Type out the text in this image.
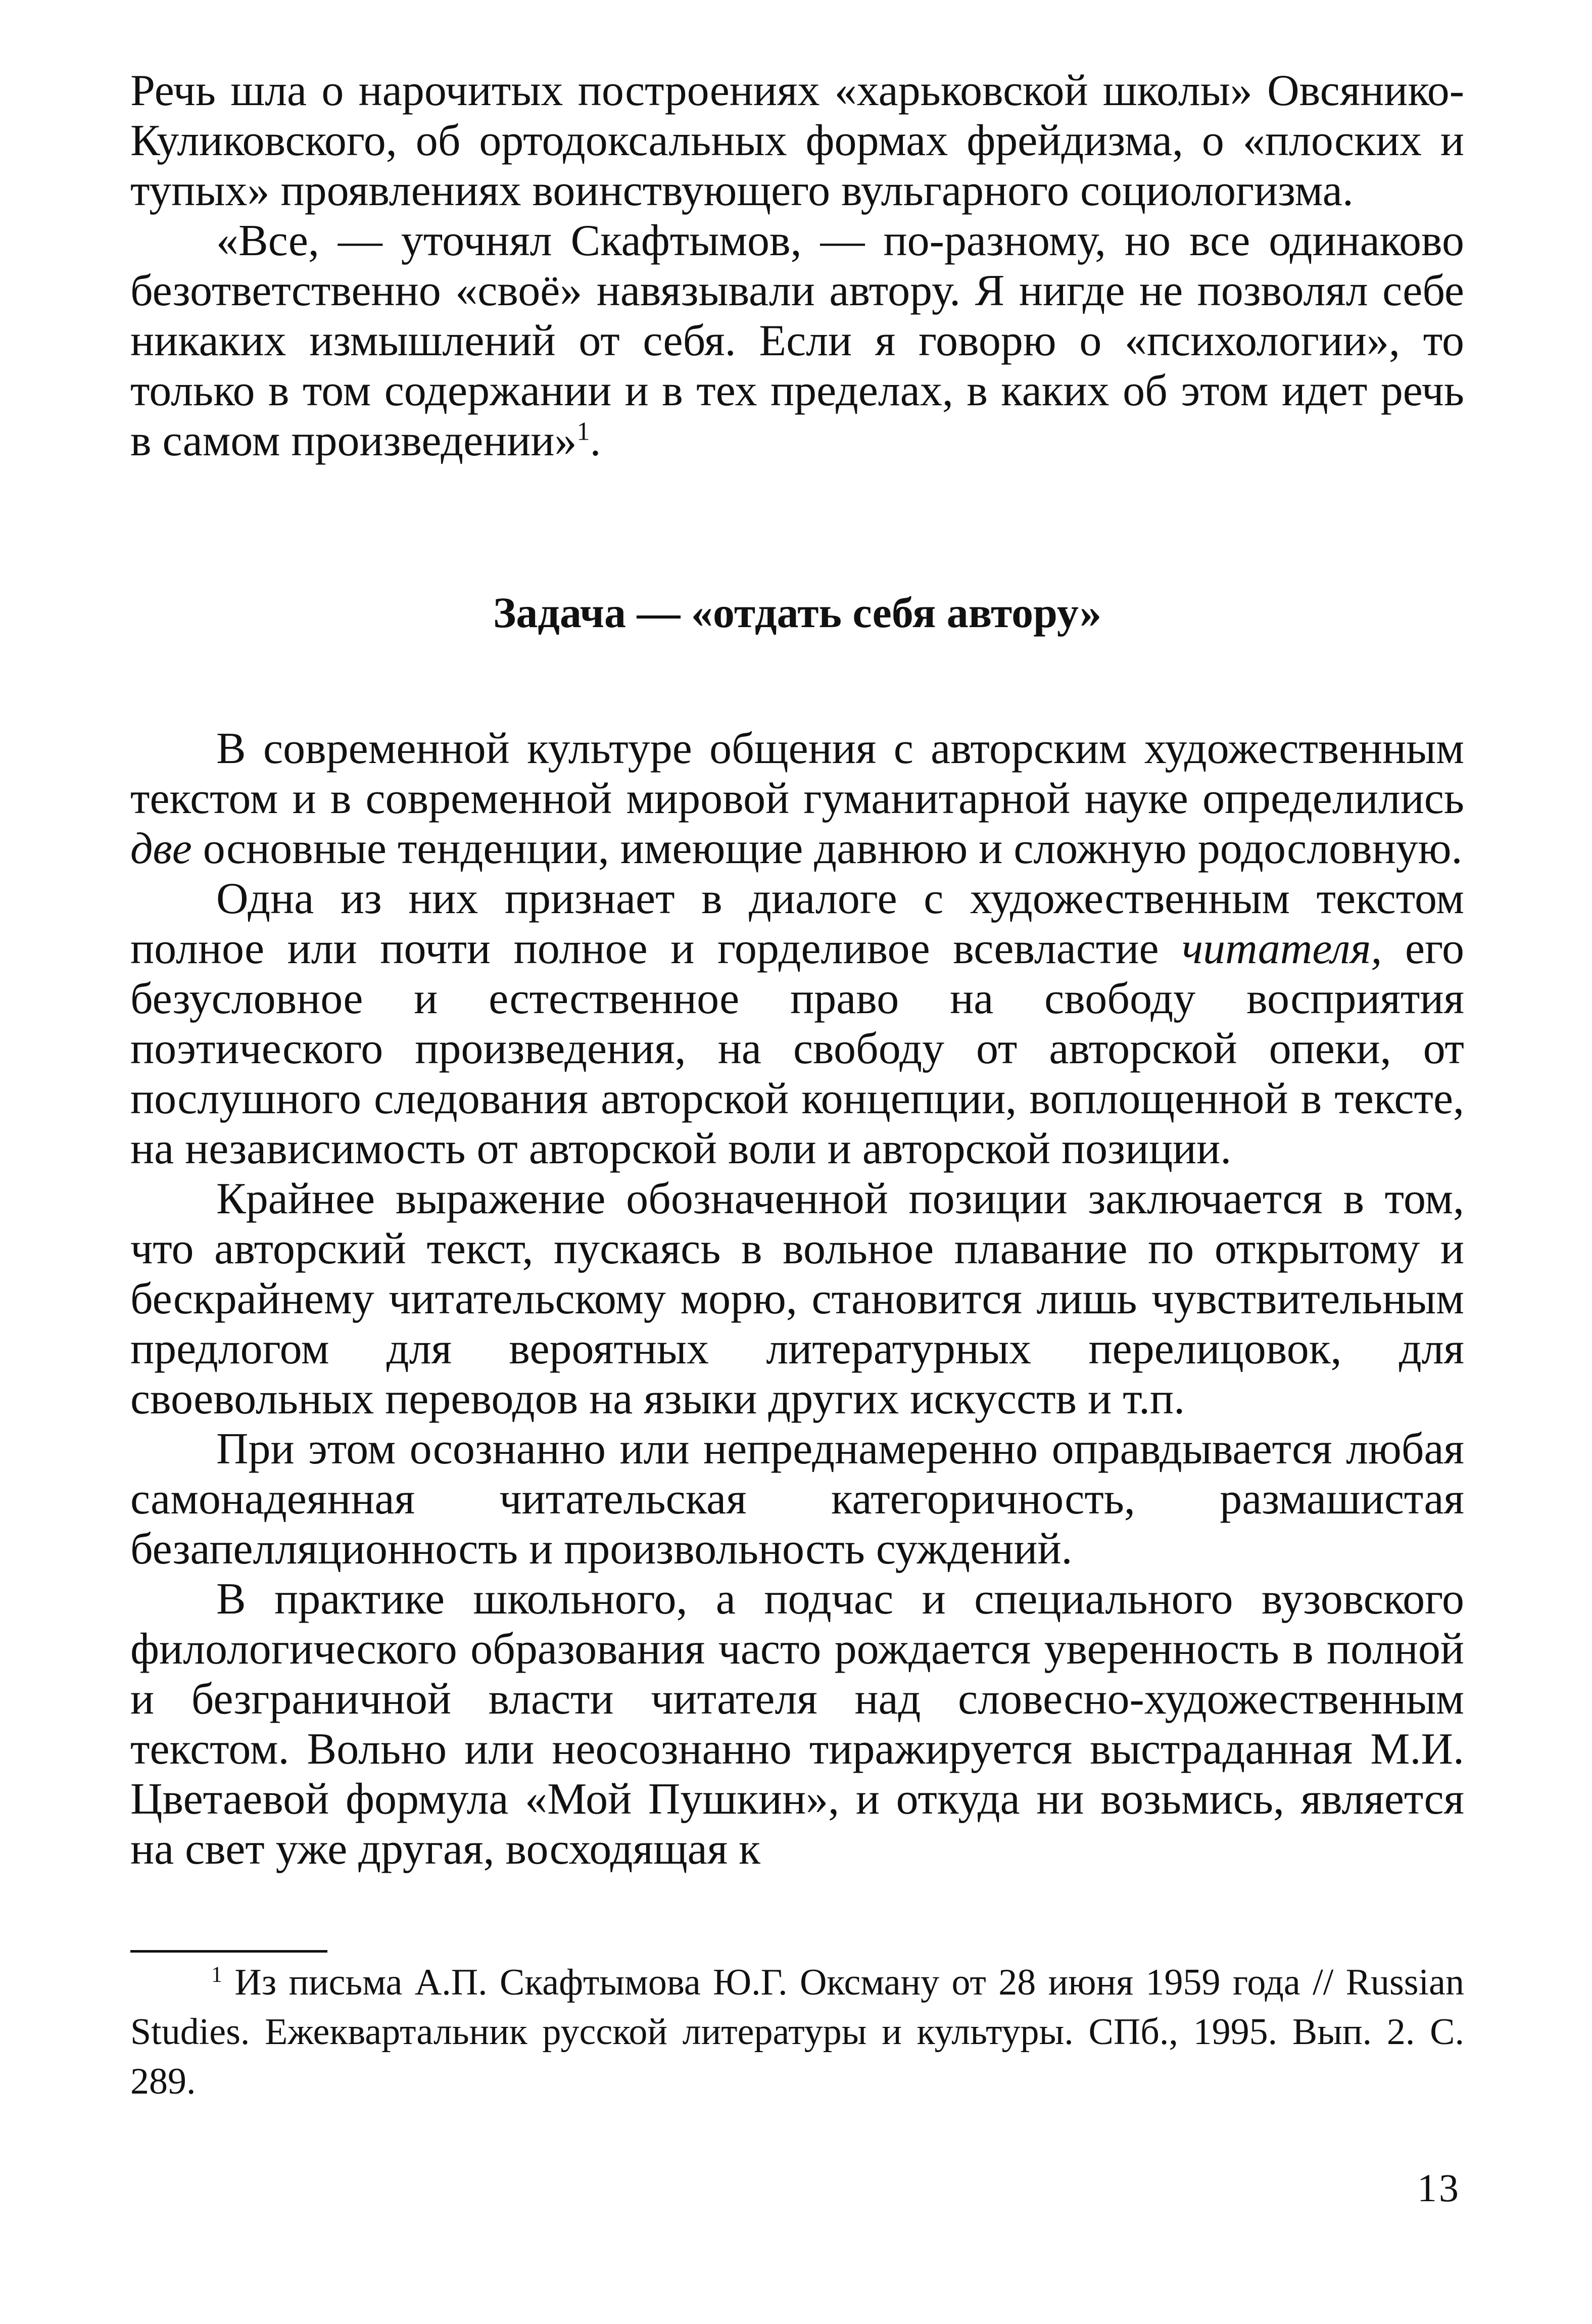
Речь шла о нарочитых построениях «харьковской школы» Овсянико-Куликовского, об ортодоксальных формах фрейдизма, о «плоских и тупых» проявлениях воинствующего вульгарного социологизма.

«Все, — уточнял Скафтымов, — по-разному, но все одинаково безответственно «своё» навязывали автору. Я нигде не позволял себе никаких измышлений от себя. Если я говорю о «психологии», то только в том содержании и в тех пределах, в каких об этом идет речь в самом произведении»$^1$.

Задача — «отдать себя автору»

В современной культуре общения с авторским художественным текстом и в современной мировой гуманитарной науке определились две основные тенденции, имеющие давнюю и сложную родословную.

Одна из них признает в диалоге с художественным текстом полное или почти полное и горделивое всевластие читателя, его безусловное и естественное право на свободу восприятия поэтического произведения, на свободу от авторской опеки, от послушного следования авторской концепции, воплощенной в тексте, на независимость от авторской воли и авторской позиции.

Крайнее выражение обозначенной позиции заключается в том, что авторский текст, пускаясь в вольное плавание по открытому и бескрайнему читательскому морю, становится лишь чувствительным предлогом для вероятных литературных перелицовок, для своевольных переводов на языки других искусств и т.п.

При этом осознанно или непреднамеренно оправдывается любая самонадеянная читательская категоричность, размашистая безапелляционность и произвольность суждений.

В практике школьного, а подчас и специального вузовского филологического образования часто рождается уверенность в полной и безграничной власти читателя над словесно-художественным текстом. Вольно или неосознанно тиражируется выстраданная М.И. Цветаевой формула «Мой Пушкин», и откуда ни возьмись, является на свет уже другая, восходящая к

$^1$ Из письма А.П. Скафтымова Ю.Г. Оксману от 28 июня 1959 года // Russian Studies. Ежеквартальник русской литературы и культуры. СПб., 1995. Вып. 2. С. 289.

13
